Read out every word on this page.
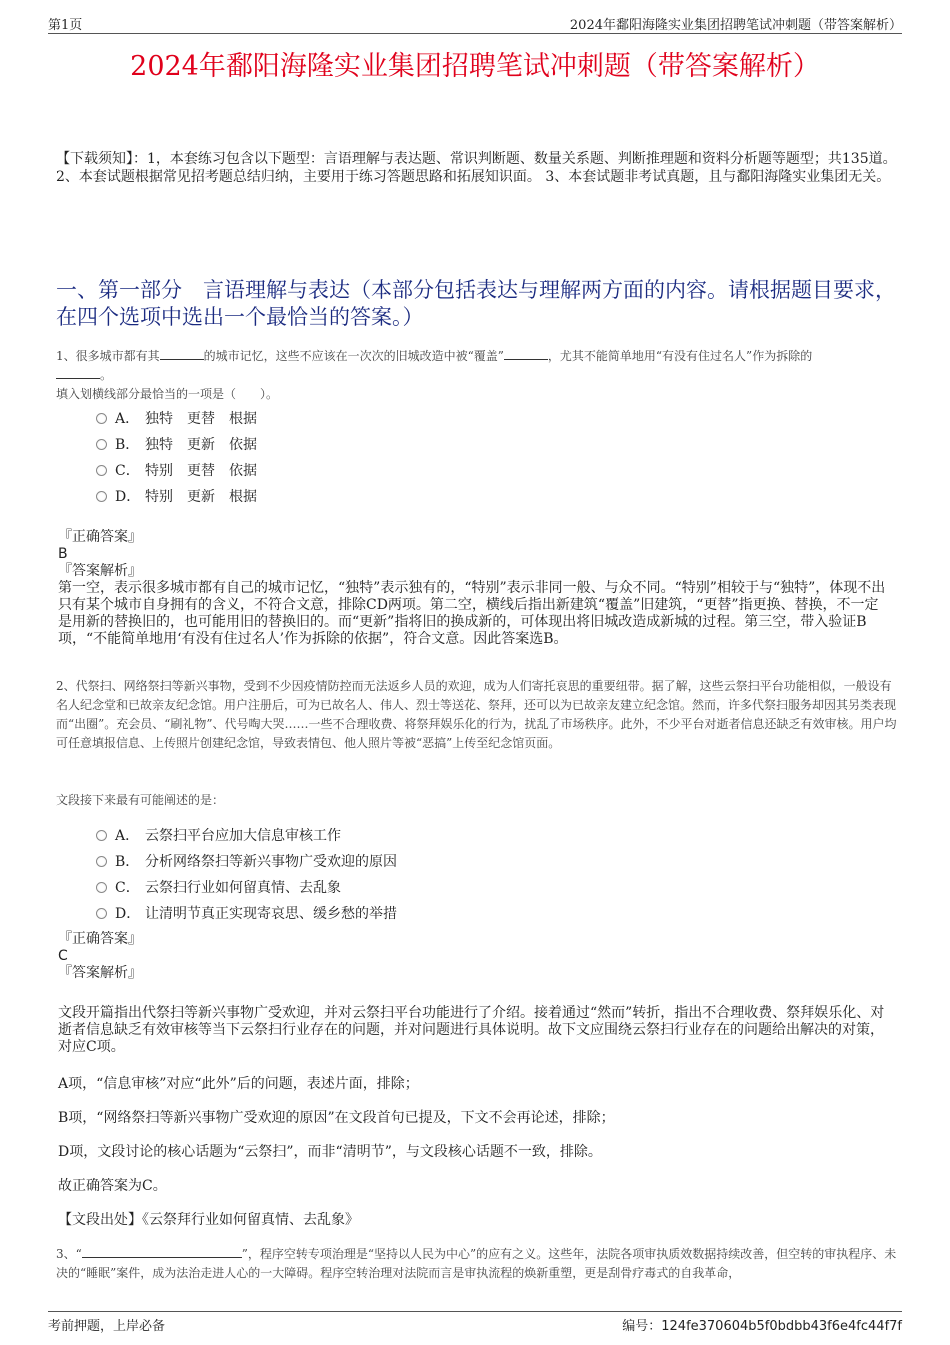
第1页	2024年鄱阳海隆实业集团招聘笔试冲刺题（带答案解析）
2024年鄱阳海隆实业集团招聘笔试冲刺题（带答案解析）
【下载须知】：1，本套练习包含以下题型：言语理解与表达题、常识判断题、数量关系题、判断推理题和资料分析题等题型；共135道。 2、本套试题根据常见招考题总结归纳，主要用于练习答题思路和拓展知识面。 3、本套试题非考试真题，且与鄱阳海隆实业集团无关。
一、第一部分　言语理解与表达（本部分包括表达与理解两方面的内容。请根据题目要求，在四个选项中选出一个最恰当的答案。）
1、很多城市都有其	的城市记忆，这些不应该在一次次的旧城改造中被“覆盖”	，尤其不能简单地用“有没有住过名人”作为拆除的
。
填入划横线部分最恰当的一项是（　　）。
A． 独特　更替　根据
B． 独特　更新　依据
C． 特别　更替　依据
D． 特别　更新　根据
『正确答案』
B
『答案解析』
第一空，表示很多城市都有自己的城市记忆，“独特”表示独有的，“特别”表示非同一般、与众不同。“特别”相较于与“独特”，体现不出只有某个城市自身拥有的含义，不符合文意，排除CD两项。第二空，横线后指出新建筑“覆盖”旧建筑，“更替”指更换、替换，不一定是用新的替换旧的，也可能用旧的替换旧的。而“更新”指将旧的换成新的，可体现出将旧城改造成新城的过程。第三空，带入验证B项，“不能简单地用‘有没有住过名人’作为拆除的依据”，符合文意。因此答案选B。
2、代祭扫、网络祭扫等新兴事物，受到不少因疫情防控而无法返乡人员的欢迎，成为人们寄托哀思的重要纽带。据了解，这些云祭扫平台功能相似，一般设有名人纪念堂和已故亲友纪念馆。用户注册后，可为已故名人、伟人、烈士等送花、祭拜，还可以为已故亲友建立纪念馆。然而，许多代祭扫服务却因其另类表现而“出圈”。充会员、“刷礼物”、代号啕大哭……一些不合理收费、将祭拜娱乐化的行为，扰乱了市场秩序。此外，不少平台对逝者信息还缺乏有效审核。用户均可任意填报信息、上传照片创建纪念馆，导致表情包、他人照片等被“恶搞”上传至纪念馆页面。
文段接下来最有可能阐述的是：
A． 云祭扫平台应加大信息审核工作
B． 分析网络祭扫等新兴事物广受欢迎的原因
C． 云祭扫行业如何留真情、去乱象
D． 让清明节真正实现寄哀思、缓乡愁的举措
『正确答案』
C
『答案解析』
文段开篇指出代祭扫等新兴事物广受欢迎，并对云祭扫平台功能进行了介绍。接着通过“然而”转折，指出不合理收费、祭拜娱乐化、对逝者信息缺乏有效审核等当下云祭扫行业存在的问题，并对问题进行具体说明。故下文应围绕云祭扫行业存在的问题给出解决的对策，对应C项。
A项，“信息审核”对应“此外”后的问题，表述片面，排除；
B项，“网络祭扫等新兴事物广受欢迎的原因”在文段首句已提及，下文不会再论述，排除；
D项，文段讨论的核心话题为“云祭扫”，而非“清明节”，与文段核心话题不一致，排除。
故正确答案为C。
【文段出处】《云祭拜行业如何留真情、去乱象》
3、“	”，程序空转专项治理是“坚持以人民为中心”的应有之义。这些年，法院各项审执质效数据持续改善，但空转的审执程序、未决的“睡眠”案件，成为法治走进人心的一大障碍。程序空转治理对法院而言是审执流程的焕新重塑，更是刮骨疗毒式的自我革命，
考前押题，上岸必备	编号：124fe370604b5f0bdbb43f6e4fc44f7f
